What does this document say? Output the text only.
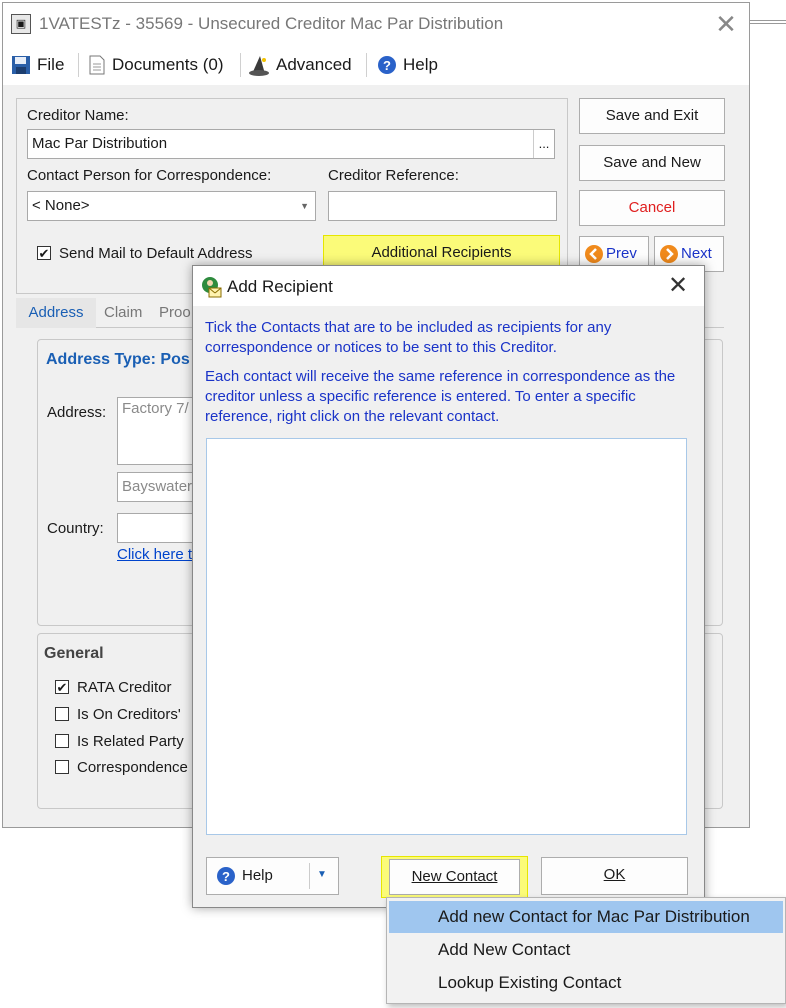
▣ 1VATESTz - 35569 - Unsecured Creditor Mac Par Distribution	✕
File	Documents (0)	Advanced ? Help
Creditor Name:
Mac Par Distribution	...
Contact Person for Correspondence:
< None>	▼
Creditor Reference:
✔ Send Mail to Default Address	Additional Recipients
Save and Exit
Save and New
Cancel
Prev	Next
Address	Claim Proo
Address Type: Pos
Address:	Factory 7/
Bayswater
Country:
Click here t
General
✔ RATA Creditor
Is On Creditors'
Is Related Party
Correspondence
Add Recipient	✕
Tick the Contacts that are to be included as recipients for any correspondence or notices to be sent to this Creditor.
Each contact will receive the same reference in correspondence as the creditor unless a specific reference is entered. To enter a specific reference, right click on the relevant contact.
? Help	▼	New Contact	OK
Add new Contact for Mac Par Distribution
Add New Contact
Lookup Existing Contact
